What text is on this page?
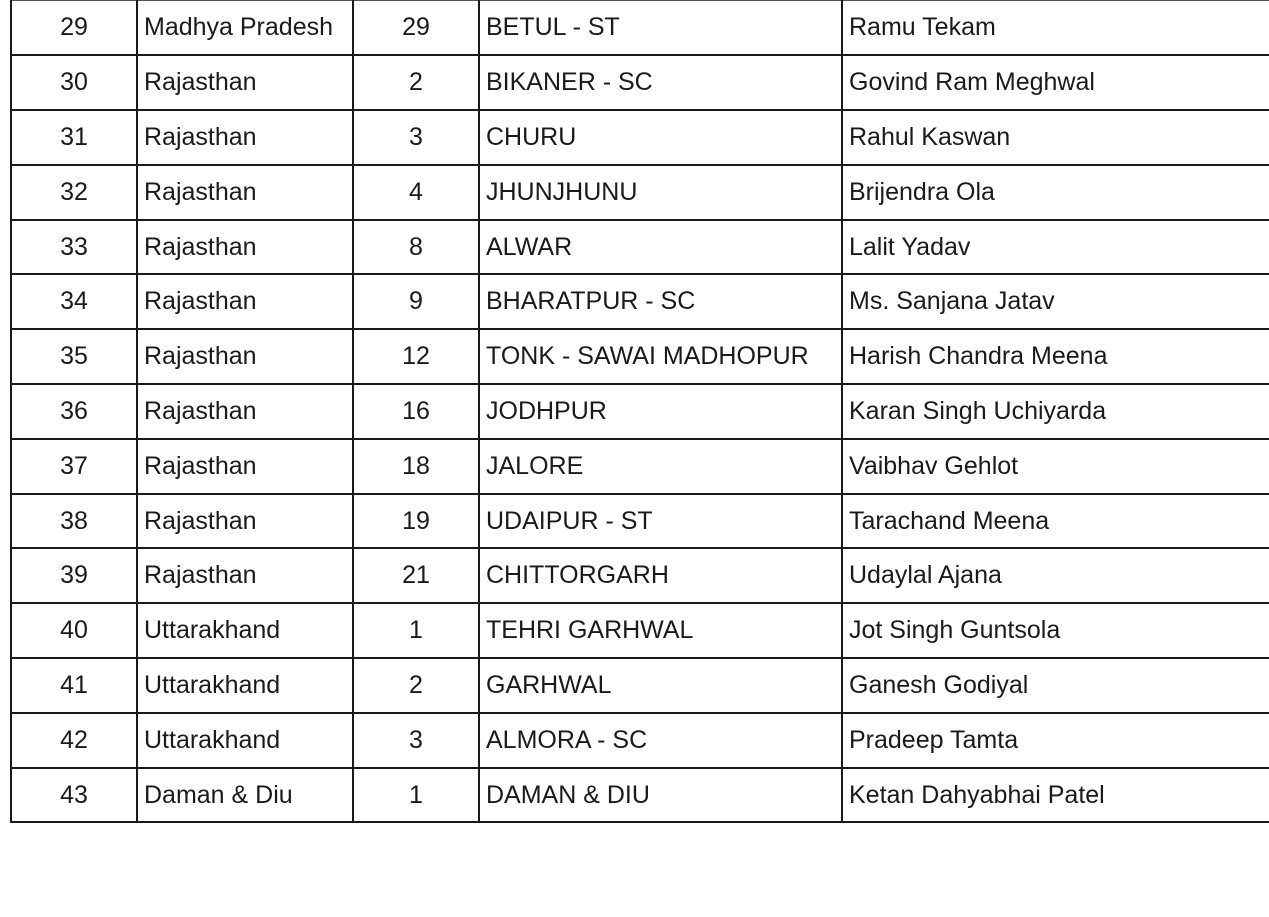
29	Madhya Pradesh	29	BETUL - ST	Ramu Tekam
30	Rajasthan	2	BIKANER - SC	Govind Ram Meghwal
31	Rajasthan	3	CHURU	Rahul Kaswan
32	Rajasthan	4	JHUNJHUNU	Brijendra Ola
33	Rajasthan	8	ALWAR	Lalit Yadav
34	Rajasthan	9	BHARATPUR - SC	Ms. Sanjana Jatav
35	Rajasthan	12	TONK - SAWAI MADHOPUR	Harish Chandra Meena
36	Rajasthan	16	JODHPUR	Karan Singh Uchiyarda
37	Rajasthan	18	JALORE	Vaibhav Gehlot
38	Rajasthan	19	UDAIPUR - ST	Tarachand Meena
39	Rajasthan	21	CHITTORGARH	Udaylal Ajana
40	Uttarakhand	1	TEHRI GARHWAL	Jot Singh Guntsola
41	Uttarakhand	2	GARHWAL	Ganesh Godiyal
42	Uttarakhand	3	ALMORA - SC	Pradeep Tamta
43	Daman & Diu	1	DAMAN & DIU	Ketan Dahyabhai Patel
